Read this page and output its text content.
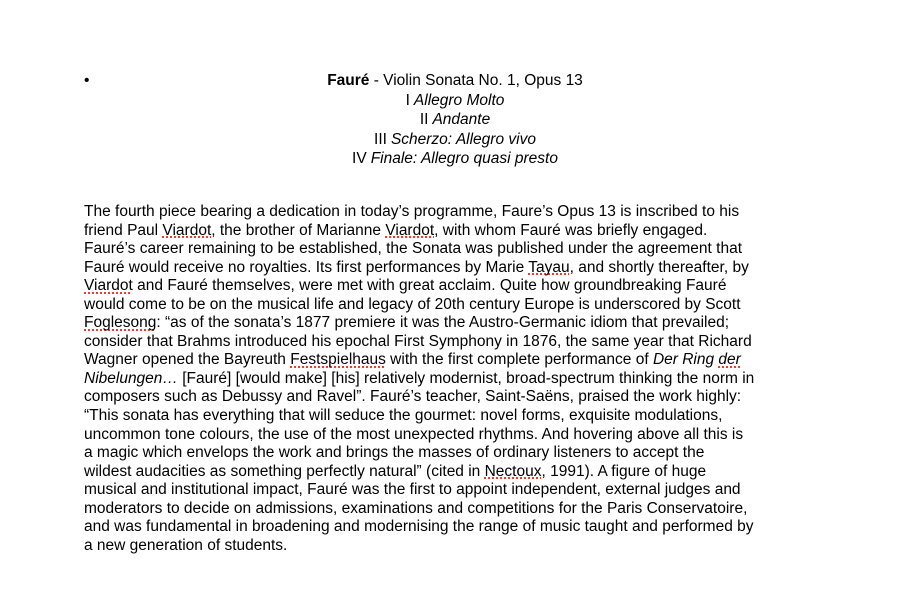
•	Fauré - Violin Sonata No. 1, Opus 13
I Allegro Molto
II Andante
III Scherzo: Allegro vivo
IV Finale: Allegro quasi presto
The fourth piece bearing a dedication in today’s programme, Faure’s Opus 13 is inscribed to his
friend Paul Viardot, the brother of Marianne Viardot, with whom Fauré was briefly engaged.
Fauré’s career remaining to be established, the Sonata was published under the agreement that
Fauré would receive no royalties. Its first performances by Marie Tayau, and shortly thereafter, by
Viardot and Fauré themselves, were met with great acclaim. Quite how groundbreaking Fauré
would come to be on the musical life and legacy of 20th century Europe is underscored by Scott
Foglesong: “as of the sonata’s 1877 premiere it was the Austro-Germanic idiom that prevailed;
consider that Brahms introduced his epochal First Symphony in 1876, the same year that Richard
Wagner opened the Bayreuth Festspielhaus with the first complete performance of Der Ring der
Nibelungen… [Fauré] [would make] [his] relatively modernist, broad-spectrum thinking the norm in
composers such as Debussy and Ravel”. Fauré’s teacher, Saint-Saëns, praised the work highly:
“This sonata has everything that will seduce the gourmet: novel forms, exquisite modulations,
uncommon tone colours, the use of the most unexpected rhythms. And hovering above all this is
a magic which envelops the work and brings the masses of ordinary listeners to accept the
wildest audacities as something perfectly natural” (cited in Nectoux, 1991). A figure of huge
musical and institutional impact, Fauré was the first to appoint independent, external judges and
moderators to decide on admissions, examinations and competitions for the Paris Conservatoire,
and was fundamental in broadening and modernising the range of music taught and performed by
a new generation of students.
